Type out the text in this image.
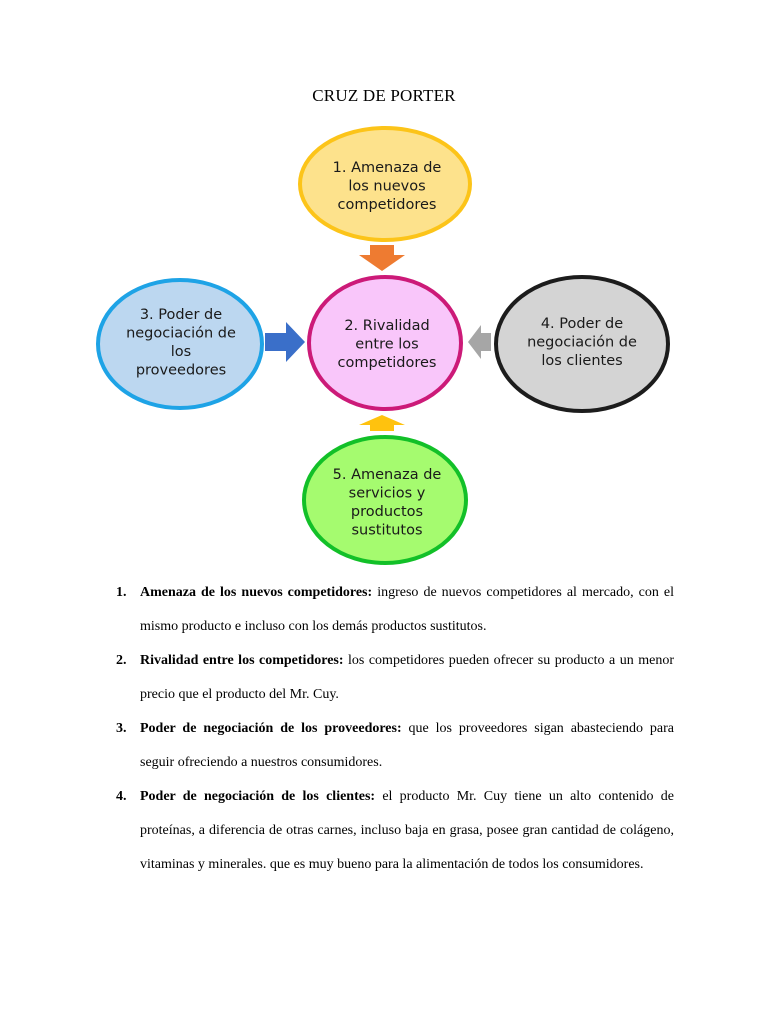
CRUZ DE PORTER
1. Amenaza de los nuevos competidores
2. Rivalidad entre los competidores
3. Poder de negociación de los proveedores
4. Poder de negociación de los clientes
5. Amenaza de servicios y productos sustitutos
1. Amenaza de los nuevos competidores: ingreso de nuevos competidores al mercado, con el mismo producto e incluso con los demás productos sustitutos.
2. Rivalidad entre los competidores: los competidores pueden ofrecer su producto a un menor precio que el producto del Mr. Cuy.
3. Poder de negociación de los proveedores: que los proveedores sigan abasteciendo para seguir ofreciendo a nuestros consumidores.
4. Poder de negociación de los clientes: el producto Mr. Cuy tiene un alto contenido de proteínas, a diferencia de otras carnes, incluso baja en grasa, posee gran cantidad de colágeno, vitaminas y minerales. que es muy bueno para la alimentación de todos los consumidores.
